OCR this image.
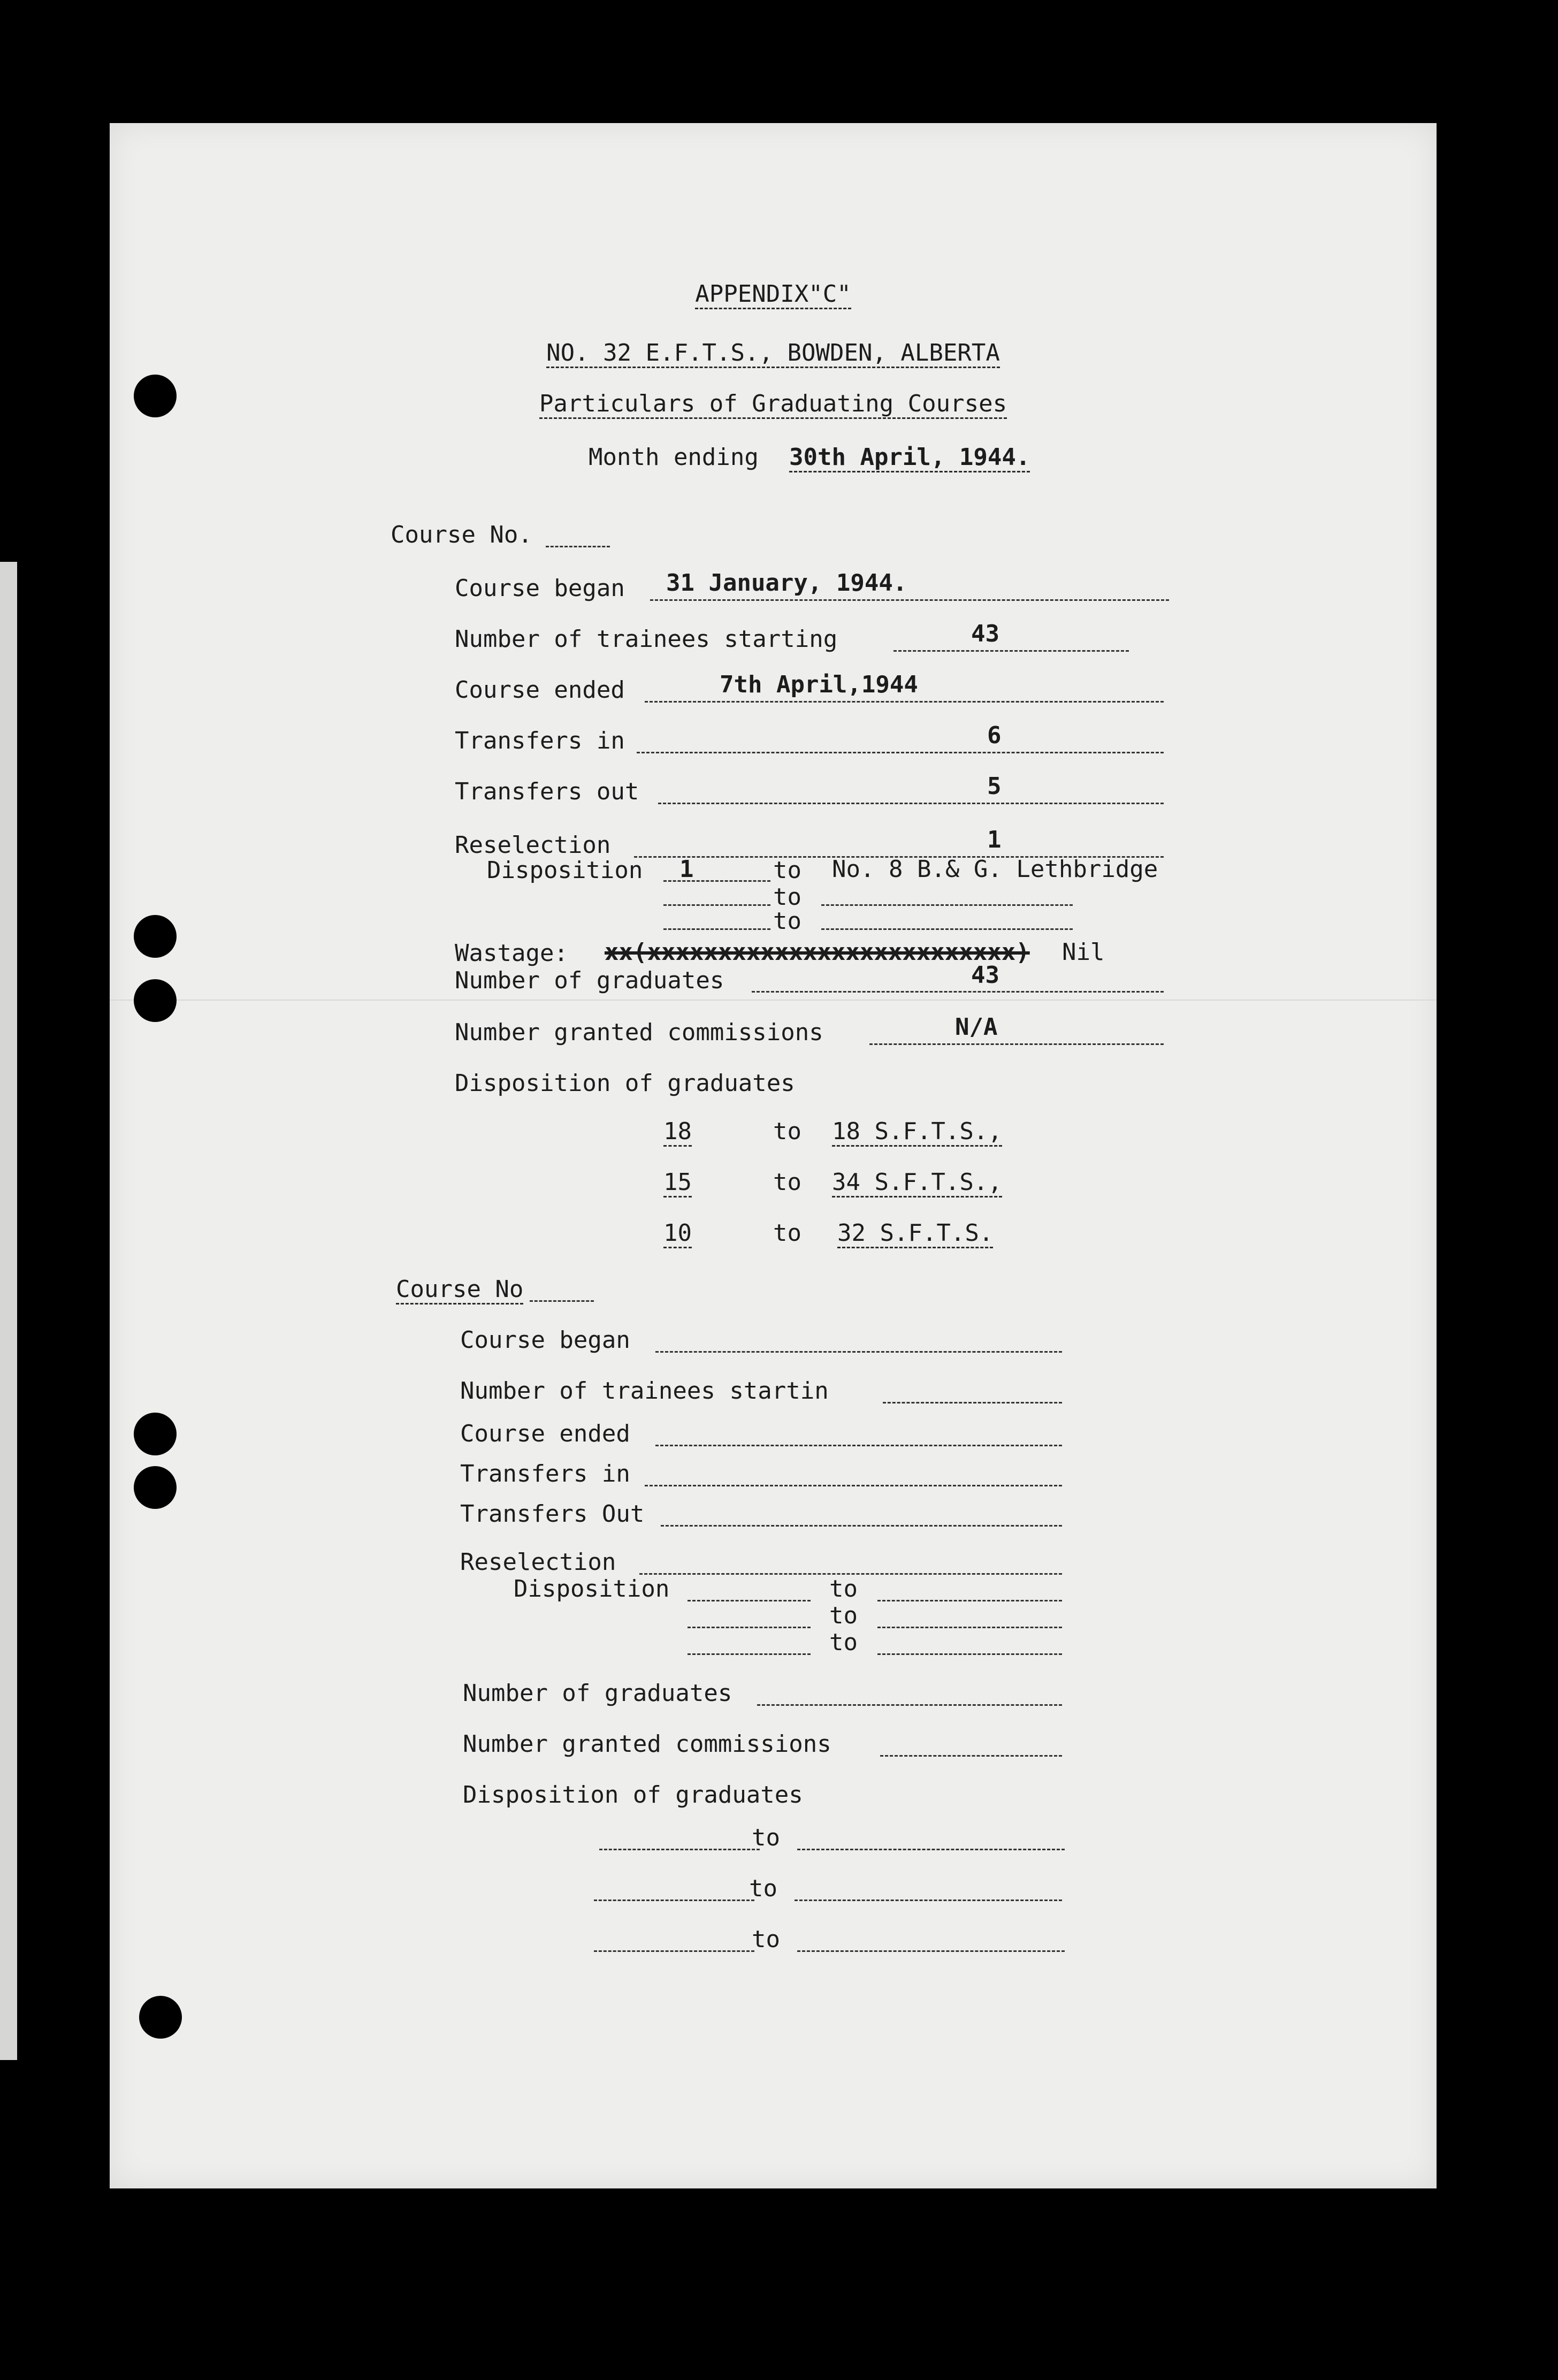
APPENDIX"C"
NO. 32 E.F.T.S., BOWDEN, ALBERTA
Particulars of Graduating Courses
Month ending 30th April, 1944.
Course No.
Course began 31 January, 1944.
Number of trainees starting	43
Course ended	7th April,1944
Transfers in	6
Transfers out	5
Reselection	1
Disposition 1	to No. 8 B.& G. Lethbridge
to
to
Wastage: xx(xxxxxxxxxxxxxxxxxxxxxxxxxx) Nil
Number of graduates	43
Number granted commissions	N/A
Disposition of graduates
18	to 18 S.F.T.S.,
15	to 34 S.F.T.S.,
10	to 32 S.F.T.S.
Course No
Course began
Number of trainees startin
Course ended
Transfers in
Transfers Out
Reselection
Disposition	to
to
to
Number of graduates
Number granted commissions
Disposition of graduates
to
to
to
